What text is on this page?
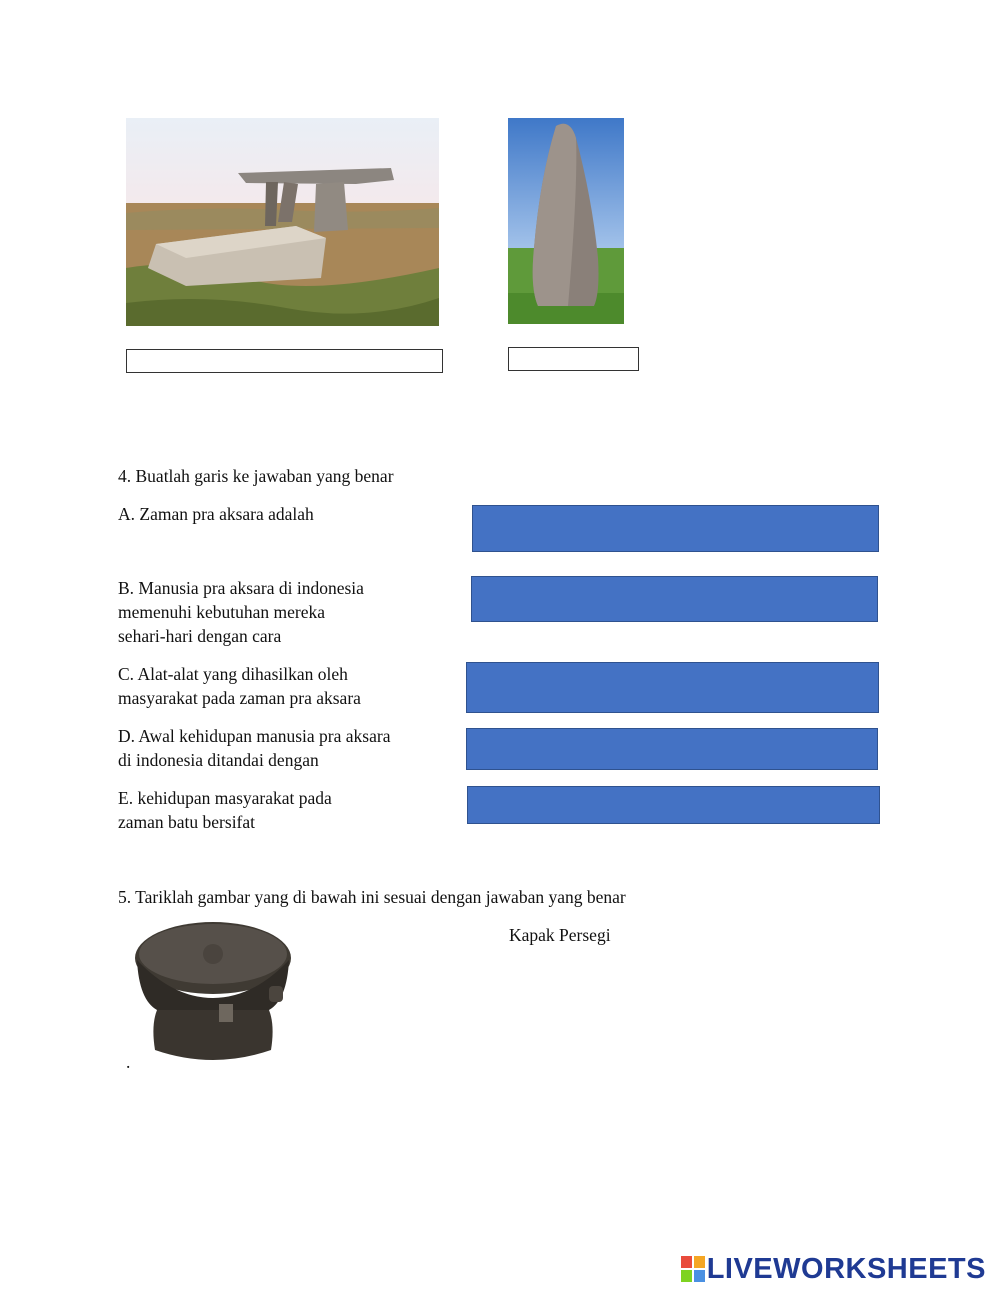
4. Buatlah garis ke jawaban yang benar
A. Zaman pra aksara adalah
B. Manusia pra aksara di indonesia
memenuhi kebutuhan mereka
sehari-hari dengan cara
C. Alat-alat yang dihasilkan oleh
masyarakat pada zaman pra aksara
D. Awal kehidupan manusia pra aksara
di indonesia ditandai dengan
E. kehidupan masyarakat pada
zaman batu bersifat
5. Tariklah gambar yang di bawah ini sesuai dengan jawaban yang benar
Kapak Persegi
.
LIVEWORKSHEETS
